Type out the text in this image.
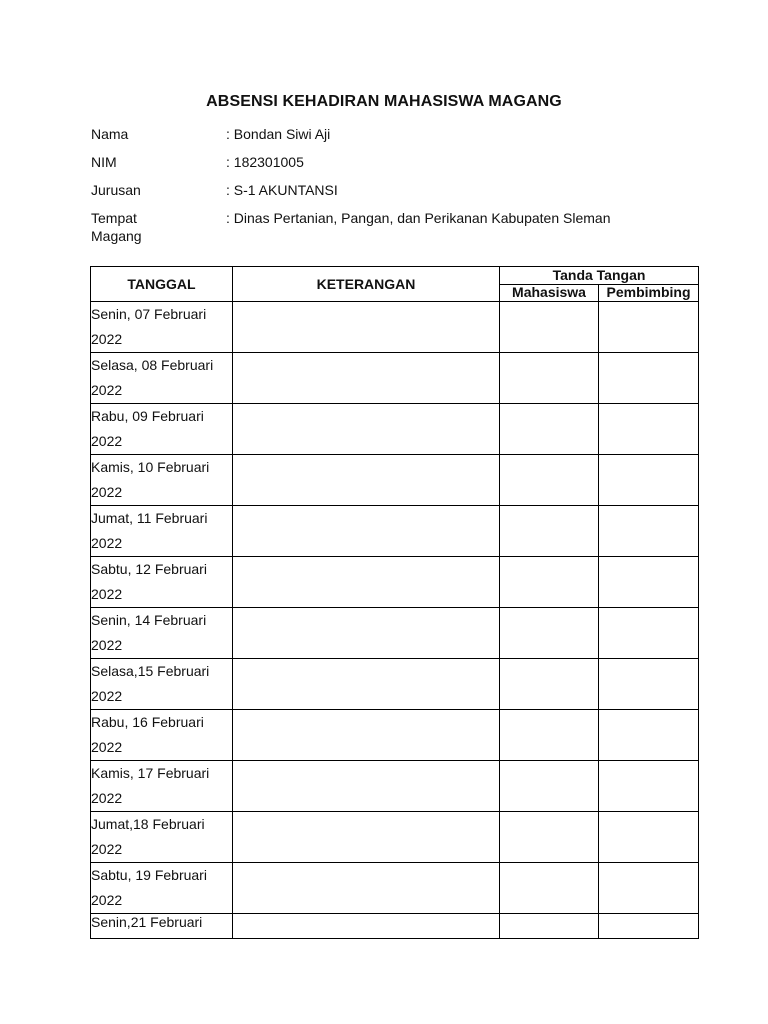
ABSENSI KEHADIRAN MAHASISWA MAGANG
Nama	: Bondan Siwi Aji
NIM	: 182301005
Jurusan	: S-1 AKUNTANSI
Tempat Magang
: Dinas Pertanian, Pangan, dan Perikanan Kabupaten Sleman
TANGGAL	KETERANGAN	Tanda Tangan	
		Mahasiswa	Pembimbing
Senin, 07 Februari 2022			
Selasa, 08 Februari 2022			
Rabu, 09 Februari 2022			
Kamis, 10 Februari 2022			
Jumat, 11 Februari 2022			
Sabtu, 12 Februari 2022			
Senin, 14 Februari 2022			
Selasa,15 Februari 2022			
Rabu, 16 Februari 2022			
Kamis, 17 Februari 2022			
Jumat,18 Februari 2022			
Sabtu, 19 Februari 2022			
Senin,21 Februari			
